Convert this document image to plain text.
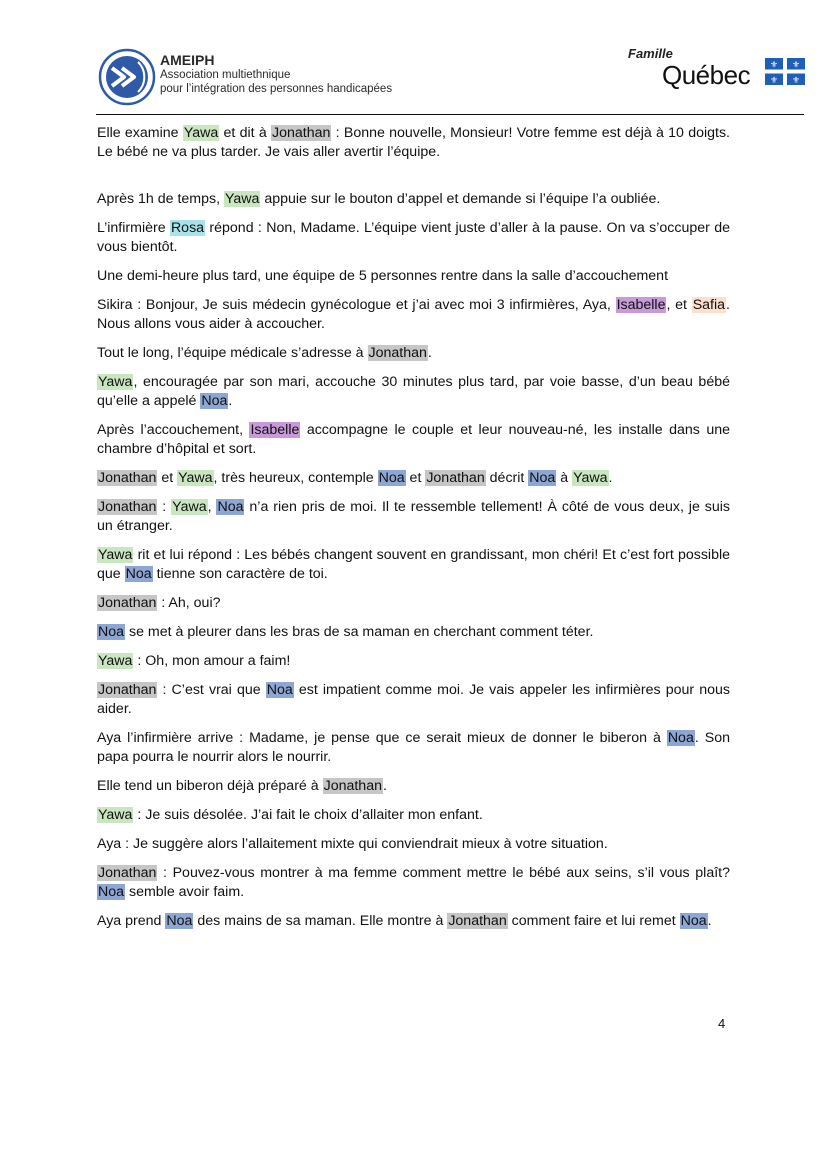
AMEIPH
Association multiethnique
pour l’intégration des personnes handicapées
Famille
Québec ⚜ ⚜
⚜ ⚜

Elle examine Yawa et dit à Jonathan : Bonne nouvelle, Monsieur! Votre femme est déjà à 10 doigts. Le bébé ne va plus tarder. Je vais aller avertir l’équipe.

Après 1h de temps, Yawa appuie sur le bouton d’appel et demande si l’équipe l’a oubliée.

L’infirmière Rosa répond : Non, Madame. L’équipe vient juste d’aller à la pause. On va s’occuper de vous bientôt.

Une demi-heure plus tard, une équipe de 5 personnes rentre dans la salle d’accouchement

Sikira : Bonjour, Je suis médecin gynécologue et j’ai avec moi 3 infirmières, Aya, Isabelle, et Safia. Nous allons vous aider à accoucher.

Tout le long, l’équipe médicale s’adresse à Jonathan.

Yawa, encouragée par son mari, accouche 30 minutes plus tard, par voie basse, d’un beau bébé qu’elle a appelé Noa.

Après l’accouchement, Isabelle accompagne le couple et leur nouveau-né, les installe dans une chambre d’hôpital et sort.

Jonathan et Yawa, très heureux, contemple Noa et Jonathan décrit Noa à Yawa.

Jonathan : Yawa, Noa n’a rien pris de moi. Il te ressemble tellement! À côté de vous deux, je suis un étranger.

Yawa rit et lui répond : Les bébés changent souvent en grandissant, mon chéri! Et c’est fort possible que Noa tienne son caractère de toi.

Jonathan : Ah, oui?

Noa se met à pleurer dans les bras de sa maman en cherchant comment téter.

Yawa : Oh, mon amour a faim!

Jonathan : C’est vrai que Noa est impatient comme moi. Je vais appeler les infirmières pour nous aider.

Aya l’infirmière arrive : Madame, je pense que ce serait mieux de donner le biberon à Noa. Son papa pourra le nourrir alors le nourrir.

Elle tend un biberon déjà préparé à Jonathan.

Yawa : Je suis désolée. J’ai fait le choix d’allaiter mon enfant.

Aya : Je suggère alors l’allaitement mixte qui conviendrait mieux à votre situation.

Jonathan : Pouvez-vous montrer à ma femme comment mettre le bébé aux seins, s’il vous plaît? Noa semble avoir faim.

Aya prend Noa des mains de sa maman. Elle montre à Jonathan comment faire et lui remet Noa.

4
